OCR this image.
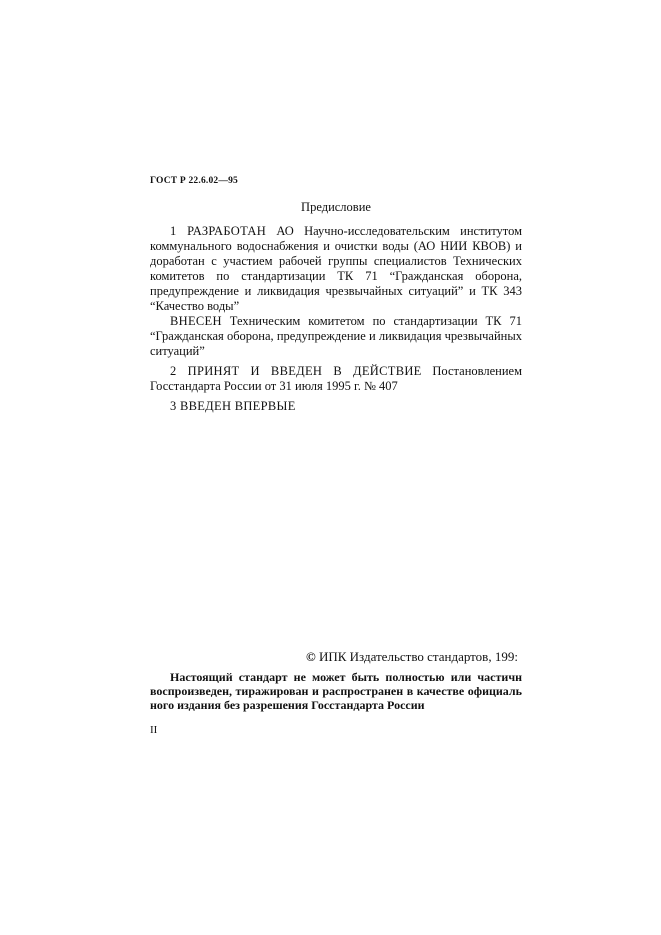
ГОСТ Р 22.6.02—95
Предисловие
1 РАЗРАБОТАН АО Научно-исследовательским институтом коммунального водоснабжения и очистки воды (АО НИИ КВОВ) и доработан с участием рабочей группы специалистов Технических комитетов по стандартизации ТК 71 “Гражданская оборона, предупреждение и ликвидация чрезвычайных ситуаций” и ТК 343 “Качество воды”
ВНЕСЕН Техническим комитетом по стандартизации ТК 71 “Гражданская оборона, предупреждение и ликвидация чрезвычайных ситуаций”
2 ПРИНЯТ И ВВЕДЕН В ДЕЙСТВИЕ Постановлением Госстандарта России от 31 июля 1995 г. № 407
3 ВВЕДЕН ВПЕРВЫЕ
© ИПК Издательство стандартов, 199:
Настоящий стандарт не может быть полностью или частичн воспроизведен, тиражирован и распространен в качестве официаль ного издания без разрешения Госстандарта России
II
